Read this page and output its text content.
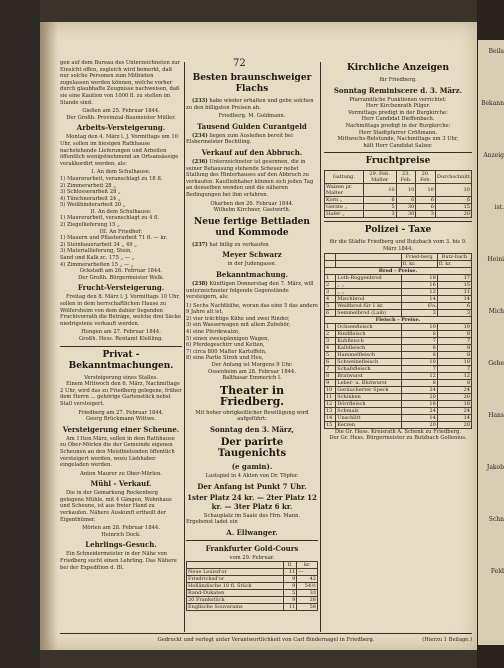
Beila
Bekann
Anzeig
ist.
Heini
Mich
Gehe
Hans
Jakob
Schn
Feld
72

gen auf dem Bureau des Unterzeichneten zur Einsicht offen, zugleich wird bemerkt, daß nur solche Personen zum Mitbieten zugelassen werden können, welche vorher durch glaubhafte Zeugnisse nachweisen, daß sie eine Kaution von 1000 fl. zu stellen im Stande sind.

Gießen am 25. Februar 1844.
Der Großh. Provinzial-Baumeister Müller.
Arbeits-Versteigerung.

Montag den 4. März l. J. Vormittags um 10 Uhr, sollen im hiesigen Rathhause nachstehende Lieferungen und Arbeiten öffentlich wenigstnehmend an Ortsansässige verakkordirt werden, als:

I. An dem Schulhause.
1) Maurerarbeit, veranschlagt zu 18 fl.
2) Zimmerarbeit 28 „
3) Schlosserarbeit 28 „
4) Tünchnerarbeit 24 „
5) Weißbinderarbeit 20 „
II. An dem Schulhause:
1) Maurerarbeit, veranschlagt zu 4 fl.
2) Ziegellieferung 15 „
III. An Friedhof:
1) Mauern und Pflasterarbeit 71 fl. — kr.
2) Steinhauerarbeit 34 „ 49 „
3) Materiallieferung, Stein,
Sand und Kalk zc. 175 „ — „
4) Zimmerarbeiten 15 „ — „
Ockstadt am 26. Februar 1844.
Der Großh. Bürgermeister Welk.
Frucht-Versteigerung.

Freitag den 8. März l. J. Vormittags 10 Uhr, sollen in dem herrschaftlichen Hause zu Wölfersheim von dem dahier liegenden Fruchtvorrath die Beträge, welche drei Säcke niedrigstens verkauft werden.

Hungen am 27. Februar 1844.
Großh. Hess. Rentamt Kleßling.
Privat - Bekanntmachungen.
Versteigerung eines Stalles.

Einem Mittwoch den 6. März, Nachmittags 2 Uhr, wird das zu Friedberg gelegene, früher dem Herrn ... gehörige Gartenstück nebst Stall versteigert.

Friedberg am 27. Februar 1844.
Georg Brückmann Wittwe.
Versteigerung einer Scheune.

Am 11ten März, sollen in dem Rathhause zu Ober-Mörlen die der Gemeinde eigenen Scheunen an den Meistbietenden öffentlich versteigert werden, wozu Liebhaber eingeladen werden.

Anton Maurer zu Ober-Mörlen.
Mühl - Verkauf.

Die in der Gemarkung Rockenberg gelegene Mühle, mit 4 Gängen, Wohnhaus und Scheune, ist aus freier Hand zu verkaufen. Nähere Auskunft ertheilt der Eigenthümer.

Mörlen am 28. Februar 1844.
Heinrich Dock.
Lehrlings-Gesuch.

Ein Schneidermeister in der Nähe von Friedberg sucht einen Lehrling. Das Nähere bei der Expedition d. Bl.

Besten braunschweiger Flachs

(233) habe wieder erhalten und gebe solchen zu den billigsten Preisen ab.

Friedberg. M. Goldmann.
Tausend Gulden Curantgeld

(234) liegen zum Ausleihen bereit bei Elsbermeister Bechtling.

Verkauf auf den Abbruch.

(236) Unterzeichneter ist gesonnen, die in seiner Behausung stehende Scheuer nebst Stallung des Hinterhauses auf den Abbruch zu verkaufen. Kaufliebhaber können sich jeden Tag an denselben wenden und die näheren Bedingungen bei ihm erfahren.

Okarben den 26. Februar 1844.
Wilhelm Kirchner, Gastwirth.
Neue fertige Bettladen und Kommode

(237) hat billig zu verkaufen

Meyer Schwarz
in der Judengasse.
Bekanntmachung.

(238) Künftigen Donnerstag den 7. März, will unterzeichneter folgende Gegenstände versteigern, als:

1) Sechs Nachtkühe, woran das eine 5 das andere 9 Jahre alt ist,
2) vier trächtige Kühe und zwei Rinder,
3) ein Wasserwagen mit allem Zubehör,
4) eine Pferdewalze,
5) einen zweispännigen Wagen,
6) Pferdegeschirr und Ketten,
7) circa 800 Malter Kartoffeln,
8) eine Partie Stroh und Heu,
Der Anfang ist Morgens 9 Uhr.
Ossenheim am 28. Februar 1844.
Balthasar Emmerich I.
Theater in Friedberg.
Mit hoher obrigkeitlicher Bewilligung wird aufgeführt:
Sonntag den 3. März,
Der parirte Taugenichts
(e gamin).
Lustspiel in 4 Akten von Dr. Töpfer.
Der Anfang ist Punkt 7 Uhr.
1ster Platz 24 kr. — 2ter Platz 12 kr. — 3ter Platz 6 kr.
Schauplatz im Saale des Hrn. Mann.
Ergebenst ladet ein
A. Ellwanger.
Frankfurter Gold-Cours
vom 29. Februar.
	fl.	kr.
Neue Louisd'or	11	—
Friedrichsd'or	9	42
Holländische 10 fl. Stück	9	54½
Rand-Dukaten	5	33
20 Frankstück	9	28
Englische Souverains	11	58
Kirchliche Anzeigen
für Friedberg.
Sonntag Reminiscere d. 3. März.
Pfarramtliche Funktionen verrichtet:
Herr Kirchenrath Pilger.
Vormittags predigt in der Burgkirche:
Herr Candidat Dieffenbach.
Nachmittags predigt in der Burgkirche:
Herr Stadtpfarrer Crößmann.
Mittwochs-Betstunde, Nachmittags um 3 Uhr,
hält Herr Candidat Salzer.
Fruchtpreise
Gattung.	29. Feb. Malter	23. Feb.	20. Feb.	Durchschnitt
Waizen pr. Malter	10	10	10	10
Korn „	6	6	6	6
Gerste „	5	30	6	15
Hafer „	3	30	3	20
Polizei - Taxe
für die Städte Friedberg und Butzbach vom 3. bis 9. März 1844.
		Fried-berg	Butz-bach
		fl. kr.	fl. kr.
Brod - Preise.			
1	Loth-Roggenbrod	18	17
2	„ „	16	15
3	„ „	12	11
4	Mischbrod	14	14
5	Weißbrod für 1 kr.	6¼	6
6	Semmelbrod (Laib)	3	3
Fleisch - Preise.			
1	Ochsenfleisch	10	10
2	Rindfleisch	8	8
3	Kuhfleisch	7	7
4	Kalbfleisch	8	8
5	Hammelfleisch	8	8
6	Schweinefleisch	10	10
7	Schafsfleisch	7	7
8	Bratwurst	12	12
9	Leber- u. Blutwurst	8	8
10	Geräucherter Speck	24	24
11	Schinken	20	20
12	Dörrfleisch	18	18
13	Schmalz	24	24
14	Unschlitt	14	14
15	Kerzen	20	20
Die Gr. Hess. Kreisrath A. Schenk zu Friedberg.
Der Gr. Hess. Bürgermeister zu Butzbach Gollenius.
Gedruckt und verlegt unter Verantwortlichkeit von Carl Bindernagel in Friedberg.	(Hierzu 1 Beilage.)
